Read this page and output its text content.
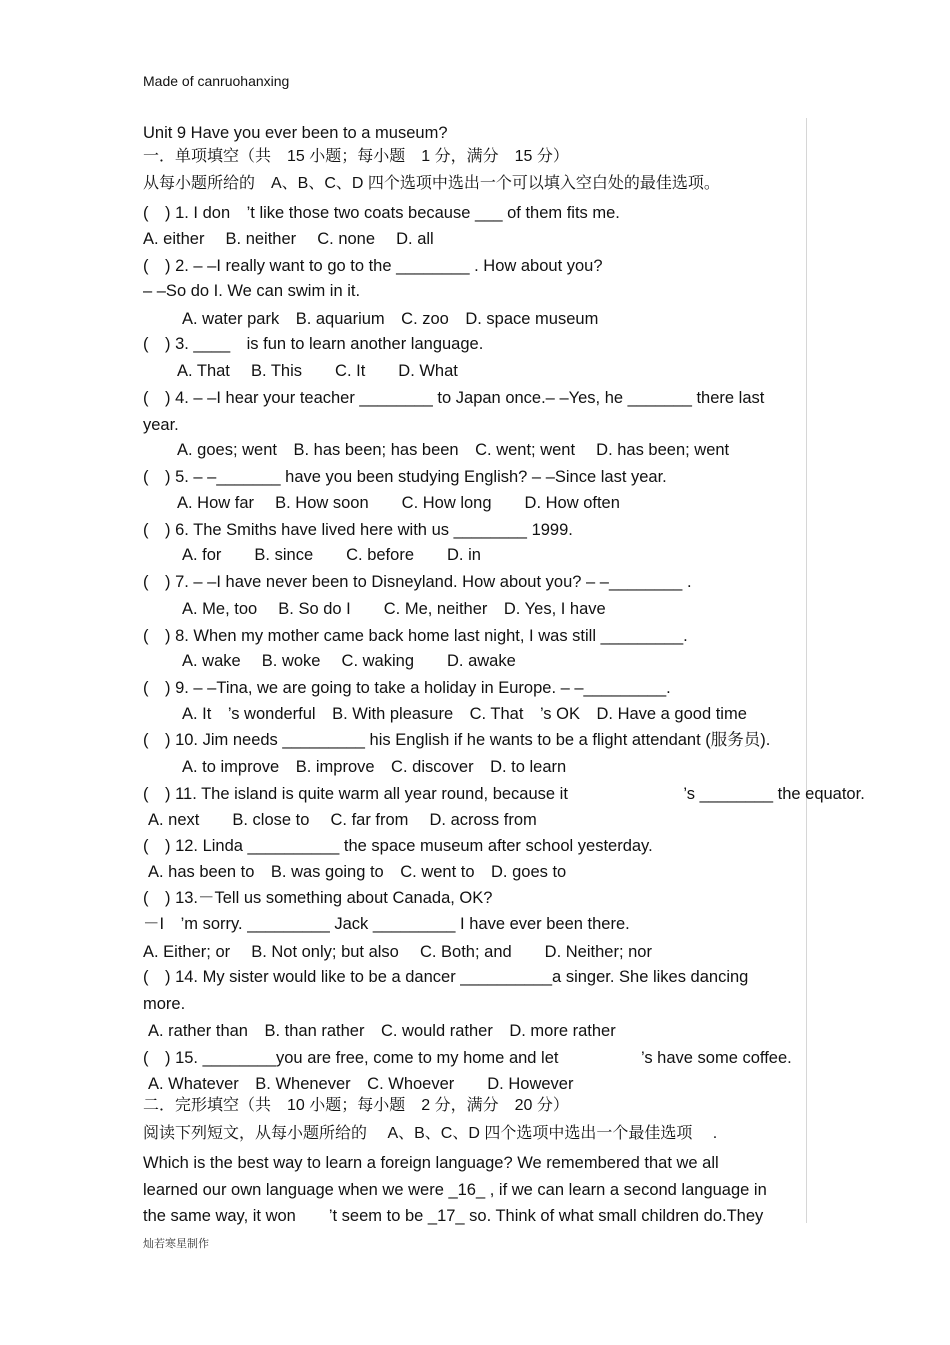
Made of canruohanxing
Unit 9 Have you ever been to a museum?
一．单项填空（共　15 小题；每小题　1 分，满分　15 分）
从每小题所给的　A、B、C、D 四个选项中选出一个可以填入空白处的最佳选项。
(　) 1. I don　’t like those two coats because ___ of them fits me.
A. either　 B. neither　 C. none　 D. all
(　) 2. – –I really want to go to the ________ . How about you?
– –So do I. We can swim in it.
A. water park　B. aquarium　C. zoo　D. space museum
(　) 3. ____　is fun to learn another language.
A. That　 B. This　　C. It　　D. What
(　) 4. – –I hear your teacher ________ to Japan once.– –Yes, he _______ there last
year.
A. goes; went　B. has been; has been　C. went; went　 D. has been; went
(　) 5. – –_______ have you been studying English? – –Since last year.
A. How far　 B. How soon　　C. How long　　D. How often
(　) 6. The Smiths have lived here with us ________ 1999.
A. for　　B. since　　C. before　　D. in
(　) 7. – –I have never been to Disneyland. How about you? – –________ .
A. Me, too　 B. So do I　　C. Me, neither　D. Yes, I have
(　) 8. When my mother came back home last night, I was still _________.
A. wake　 B. woke　 C. waking　　D. awake
(　) 9. – –Tina, we are going to take a holiday in Europe. – –_________.
A. It　’s wonderful　B. With pleasure　C. That　’s OK　D. Have a good time
(　) 10. Jim needs _________ his English if he wants to be a flight attendant (服务员).
A. to improve　B. improve　C. discover　D. to learn
(　) 11. The island is quite warm all year round, because it　　　　　　　’s ________ the equator.
A. next　　B. close to　 C. far from　 D. across from
(　) 12. Linda __________ the space museum after school yesterday.
A. has been to　B. was going to　C. went to　D. goes to
(　) 13.－Tell us something about Canada, OK?
－I　’m sorry. _________ Jack _________ I have ever been there.
A. Either; or　 B. Not only; but also　 C. Both; and　　D. Neither; nor
(　) 14. My sister would like to be a dancer __________a singer. She likes dancing
more.
A. rather than　B. than rather　C. would rather　D. more rather
(　) 15. ________you are free, come to my home and let　　　　　’s have some coffee.
A. Whatever　B. Whenever　C. Whoever　　D. However
二．完形填空（共　10 小题；每小题　2 分，满分　20 分）
阅读下列短文，从每小题所给的　 A、B、C、D 四个选项中选出一个最佳选项　 .
Which is the best way to learn a foreign language? We remembered that we all
learned our own language when we were _16_ , if we can learn a second language in
the same way, it won　　’t seem to be _17_ so. Think of what small children do.They
灿若寒星制作
